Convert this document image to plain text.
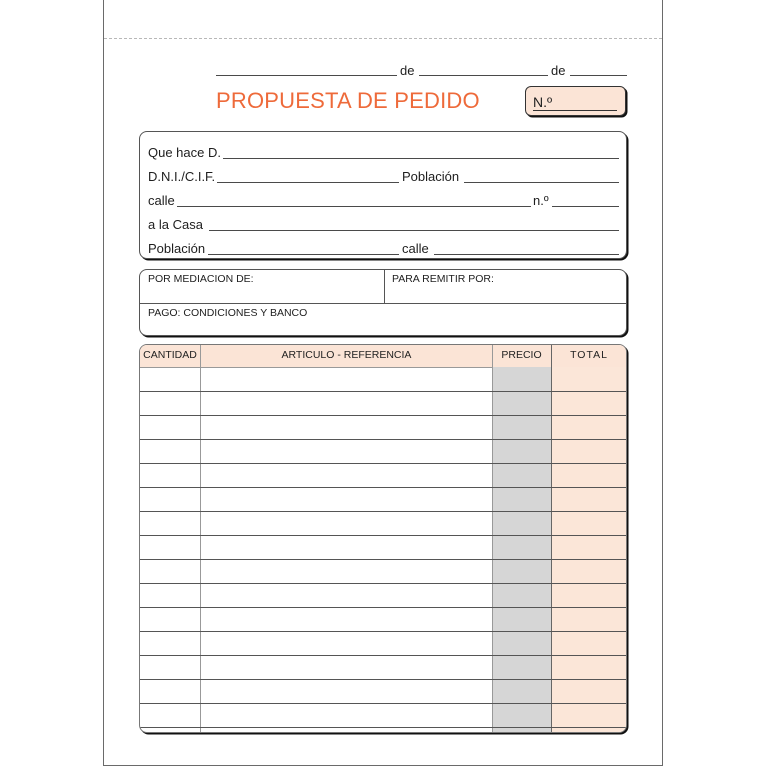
de	de
PROPUESTA DE PEDIDO	N.º
Que hace D.
D.N.I./C.I.F.	Población
calle	n.º
a la Casa
Población	calle
POR MEDIACION DE:	PARA REMITIR POR:
PAGO: CONDICIONES Y BANCO
CANTIDAD	ARTICULO - REFERENCIA	PRECIO	TOTAL
